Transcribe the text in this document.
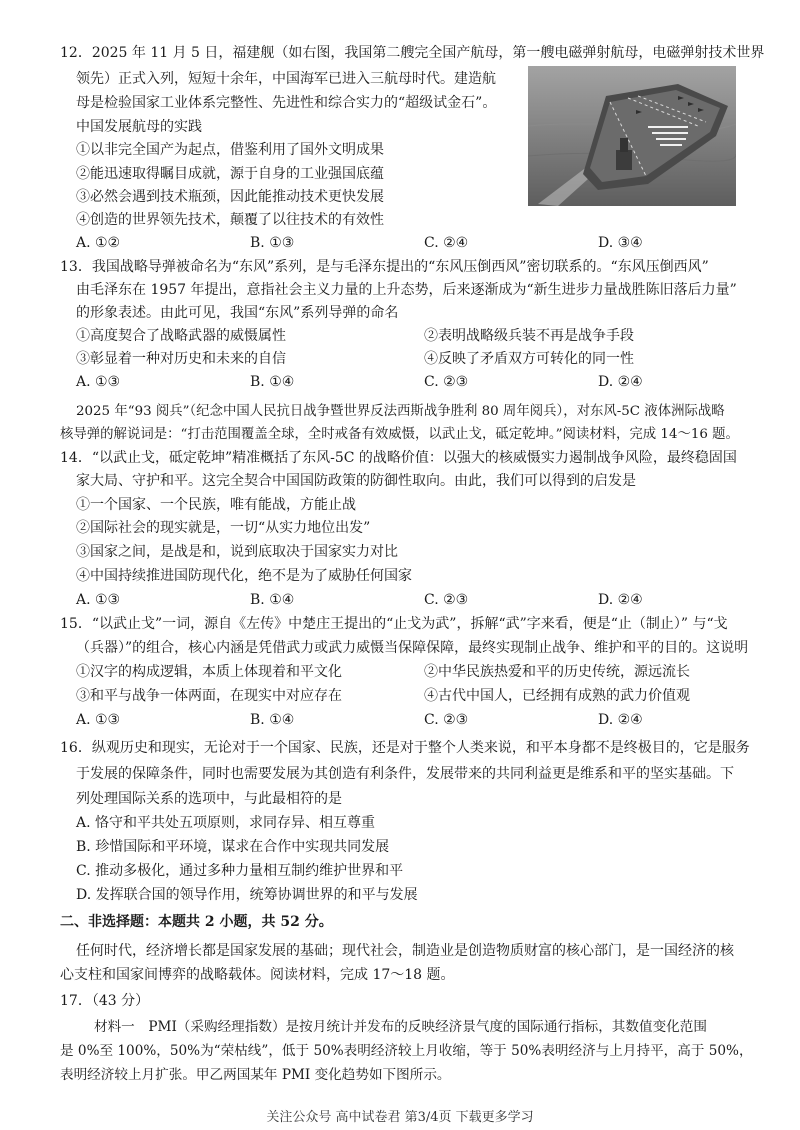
12．2025 年 11 月 5 日，福建舰（如右图，我国第二艘完全国产航母，第一艘电磁弹射航母，电磁弹射技术世界
领先）正式入列，短短十余年，中国海军已进入三航母时代。建造航
母是检验国家工业体系完整性、先进性和综合实力的“超级试金石”。
中国发展航母的实践
①以非完全国产为起点，借鉴利用了国外文明成果
②能迅速取得瞩目成就，源于自身的工业强国底蕴
③必然会遇到技术瓶颈，因此能推动技术更快发展
④创造的世界领先技术，颠覆了以往技术的有效性
A. ①②	B. ①③	C. ②④	D. ③④
13．我国战略导弹被命名为“东风”系列，是与毛泽东提出的“东风压倒西风”密切联系的。“东风压倒西风”
由毛泽东在 1957 年提出，意指社会主义力量的上升态势，后来逐渐成为“新生进步力量战胜陈旧落后力量”
的形象表述。由此可见，我国“东风”系列导弹的命名
①高度契合了战略武器的威慑属性	②表明战略级兵装不再是战争手段
③彰显着一种对历史和未来的自信	④反映了矛盾双方可转化的同一性
A. ①③	B. ①④	C. ②③	D. ②④
2025 年“93 阅兵”（纪念中国人民抗日战争暨世界反法西斯战争胜利 80 周年阅兵），对东风-5C 液体洲际战略
核导弹的解说词是：“打击范围覆盖全球，全时戒备有效威慑，以武止戈，砥定乾坤。”阅读材料，完成 14～16 题。
14．“以武止戈，砥定乾坤”精准概括了东风-5C 的战略价值：以强大的核威慑实力遏制战争风险，最终稳固国
家大局、守护和平。这完全契合中国国防政策的防御性取向。由此，我们可以得到的启发是
①一个国家、一个民族，唯有能战，方能止战
②国际社会的现实就是，一切“从实力地位出发”
③国家之间，是战是和，说到底取决于国家实力对比
④中国持续推进国防现代化，绝不是为了威胁任何国家
A. ①③	B. ①④	C. ②③	D. ②④
15．“以武止戈”一词，源自《左传》中楚庄王提出的“止戈为武”，拆解“武”字来看，便是“止（制止）” 与“戈
（兵器）”的组合，核心内涵是凭借武力或武力威慑当保障保障，最终实现制止战争、维护和平的目的。这说明
①汉字的构成逻辑，本质上体现着和平文化	②中华民族热爱和平的历史传统，源远流长
③和平与战争一体两面，在现实中对应存在	④古代中国人，已经拥有成熟的武力价值观
A. ①③	B. ①④	C. ②③	D. ②④
16．纵观历史和现实，无论对于一个国家、民族，还是对于整个人类来说，和平本身都不是终极目的，它是服务
于发展的保障条件，同时也需要发展为其创造有利条件，发展带来的共同利益更是维系和平的坚实基础。下
列处理国际关系的选项中，与此最相符的是
A. 恪守和平共处五项原则，求同存异、相互尊重
B. 珍惜国际和平环境，谋求在合作中实现共同发展
C. 推动多极化，通过多种力量相互制约维护世界和平
D. 发挥联合国的领导作用，统筹协调世界的和平与发展
二、非选择题：本题共 2 小题，共 52 分。
任何时代，经济增长都是国家发展的基础；现代社会，制造业是创造物质财富的核心部门，是一国经济的核
心支柱和国家间博弈的战略载体。阅读材料，完成 17～18 题。
17．（43 分）
材料一　PMI（采购经理指数）是按月统计并发布的反映经济景气度的国际通行指标，其数值变化范围
是 0%至 100%，50%为“荣枯线”，低于 50%表明经济较上月收缩，等于 50%表明经济与上月持平，高于 50%，
表明经济较上月扩张。甲乙两国某年 PMI 变化趋势如下图所示。
关注公众号 高中试卷君 第3/4页 下载更多学习
